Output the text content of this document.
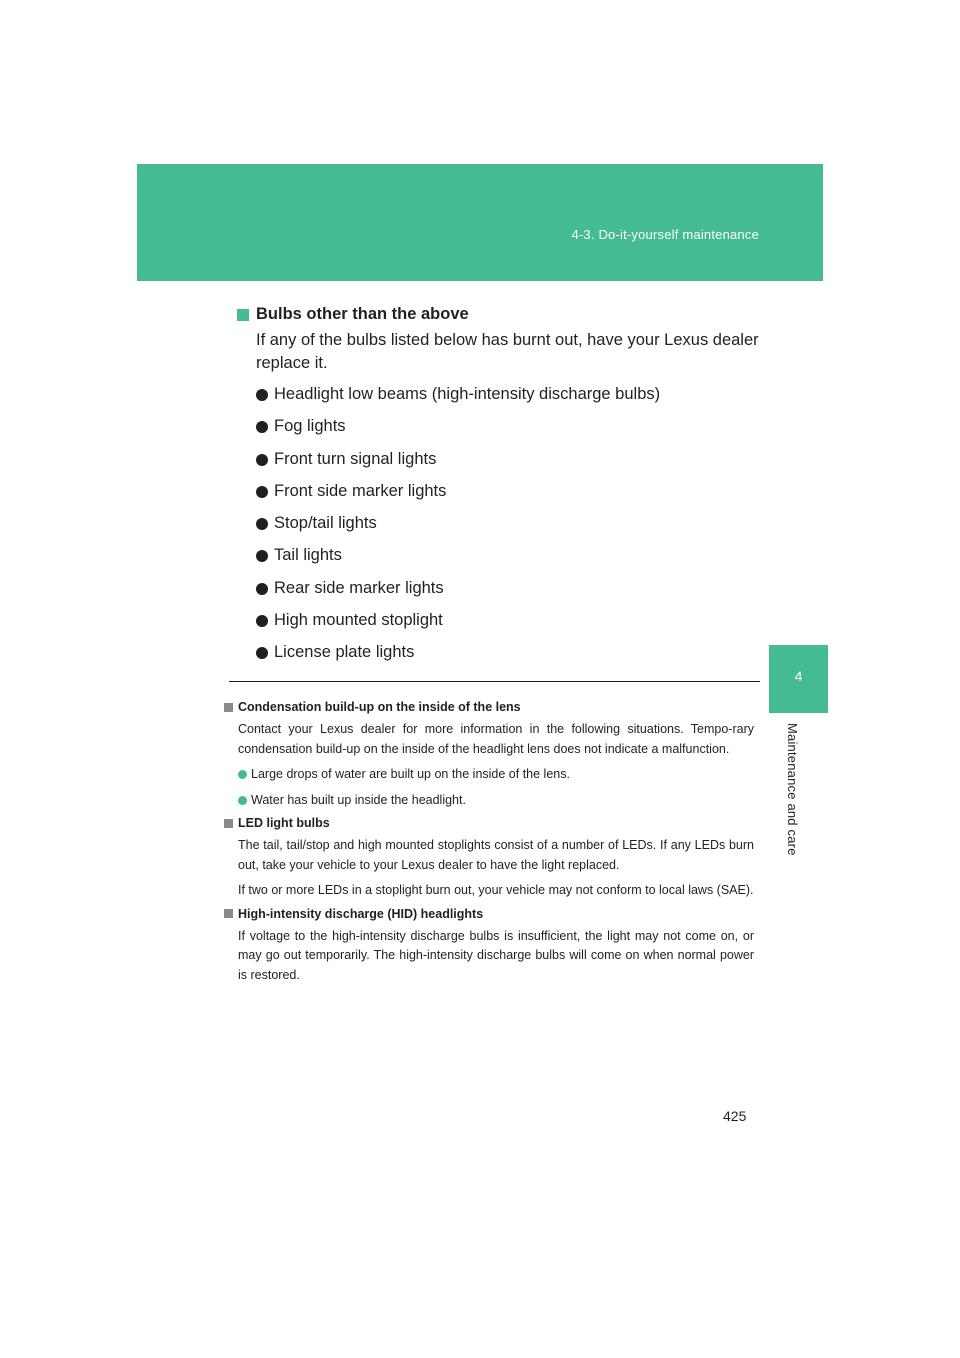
4-3. Do-it-yourself maintenance
4
Maintenance and care
Bulbs other than the above
If any of the bulbs listed below has burnt out, have your Lexus dealer replace it.
Headlight low beams (high-intensity discharge bulbs)
Fog lights
Front turn signal lights
Front side marker lights
Stop/tail lights
Tail lights
Rear side marker lights
High mounted stoplight
License plate lights
Condensation build-up on the inside of the lens
Contact your Lexus dealer for more information in the following situations. Tempo-rary condensation build-up on the inside of the headlight lens does not indicate a malfunction.
Large drops of water are built up on the inside of the lens.
Water has built up inside the headlight.
LED light bulbs
The tail, tail/stop and high mounted stoplights consist of a number of LEDs. If any LEDs burn out, take your vehicle to your Lexus dealer to have the light replaced.
If two or more LEDs in a stoplight burn out, your vehicle may not conform to local laws (SAE).
High-intensity discharge (HID) headlights
If voltage to the high-intensity discharge bulbs is insufficient, the light may not come on, or may go out temporarily. The high-intensity discharge bulbs will come on when normal power is restored.
425
